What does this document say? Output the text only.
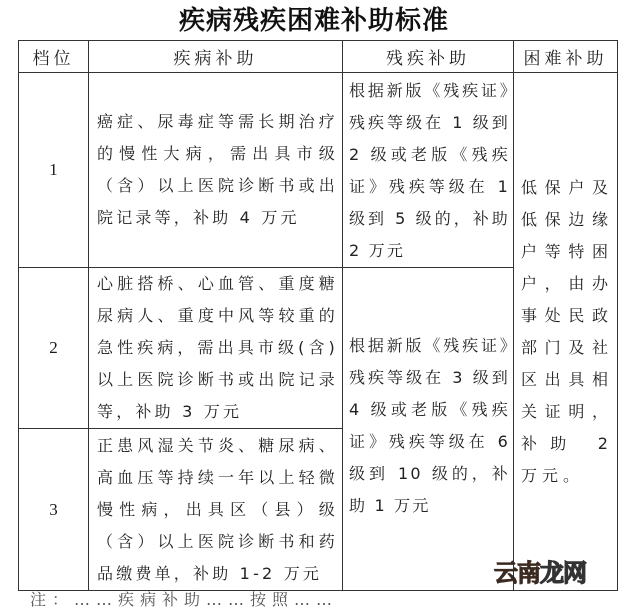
疾病残疾困难补助标准
档位	疾病补助	残疾补助	困难补助
1	癌症、尿毒症等需长期治疗的慢性大病，需出具市级（含）以上医院诊断书或出院记录等，补助 4 万元	根据新版《残疾证》残疾等级在 1 级到 2 级或老版《残疾证》残疾等级在 1 级到 5 级的，补助 2 万元	低保户及低保边缘户等特困户，由办事处民政部门及社区出具相关证明，补助 2 万元。

2	心脏搭桥、心血管、重度糖尿病人、重度中风等较重的急性疾病，需出具市级(含)以上医院诊断书或出院记录等，补助 3 万元	根据新版《残疾证》残疾等级在 3 级到 4 级或老版《残疾证》残疾等级在 6 级到 10 级的，补助 1 万元	

3	正患风湿关节炎、糖尿病、高血压等持续一年以上轻微慢性病，出具区（县）级（含）以上医院诊断书和药品缴费单，补助 1-2 万元			云南龙网
注：……疾病补助……按照……
